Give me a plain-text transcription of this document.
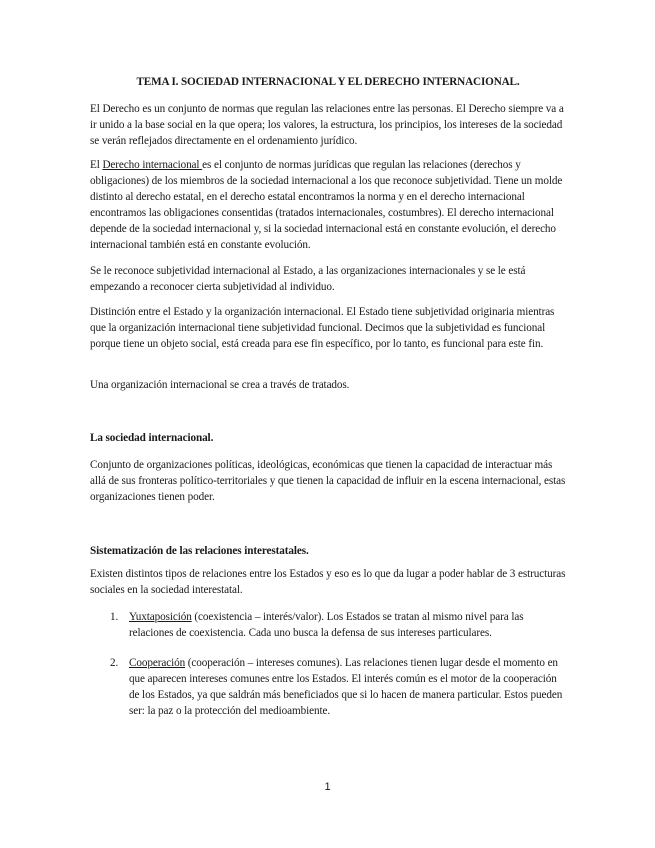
TEMA I. SOCIEDAD INTERNACIONAL Y EL DERECHO INTERNACIONAL.

El Derecho es un conjunto de normas que regulan las relaciones entre las personas. El Derecho siempre va a ir unido a la base social en la que opera; los valores, la estructura, los principios, los intereses de la sociedad se verán reflejados directamente en el ordenamiento jurídico.

El Derecho internacional es el conjunto de normas jurídicas que regulan las relaciones (derechos y obligaciones) de los miembros de la sociedad internacional a los que reconoce subjetividad. Tiene un molde distinto al derecho estatal, en el derecho estatal encontramos la norma y en el derecho internacional encontramos las obligaciones consentidas (tratados internacionales, costumbres). El derecho internacional depende de la sociedad internacional y, si la sociedad internacional está en constante evolución, el derecho internacional también está en constante evolución.

Se le reconoce subjetividad internacional al Estado, a las organizaciones internacionales y se le está empezando a reconocer cierta subjetividad al individuo.

Distinción entre el Estado y la organización internacional. El Estado tiene subjetividad originaria mientras que la organización internacional tiene subjetividad funcional. Decimos que la subjetividad es funcional porque tiene un objeto social, está creada para ese fin específico, por lo tanto, es funcional para este fin.

Una organización internacional se crea a través de tratados.

La sociedad internacional.

Conjunto de organizaciones políticas, ideológicas, económicas que tienen la capacidad de interactuar más allá de sus fronteras político-territoriales y que tienen la capacidad de influir en la escena internacional, estas organizaciones tienen poder.

Sistematización de las relaciones interestatales.

Existen distintos tipos de relaciones entre los Estados y eso es lo que da lugar a poder hablar de 3 estructuras sociales en la sociedad interestatal.

1. Yuxtaposición (coexistencia – interés/valor). Los Estados se tratan al mismo nivel para las relaciones de coexistencia. Cada uno busca la defensa de sus intereses particulares.
2. Cooperación (cooperación – intereses comunes). Las relaciones tienen lugar desde el momento en que aparecen intereses comunes entre los Estados. El interés común es el motor de la cooperación de los Estados, ya que saldrán más beneficiados que si lo hacen de manera particular. Estos pueden ser: la paz o la protección del medioambiente.
1
